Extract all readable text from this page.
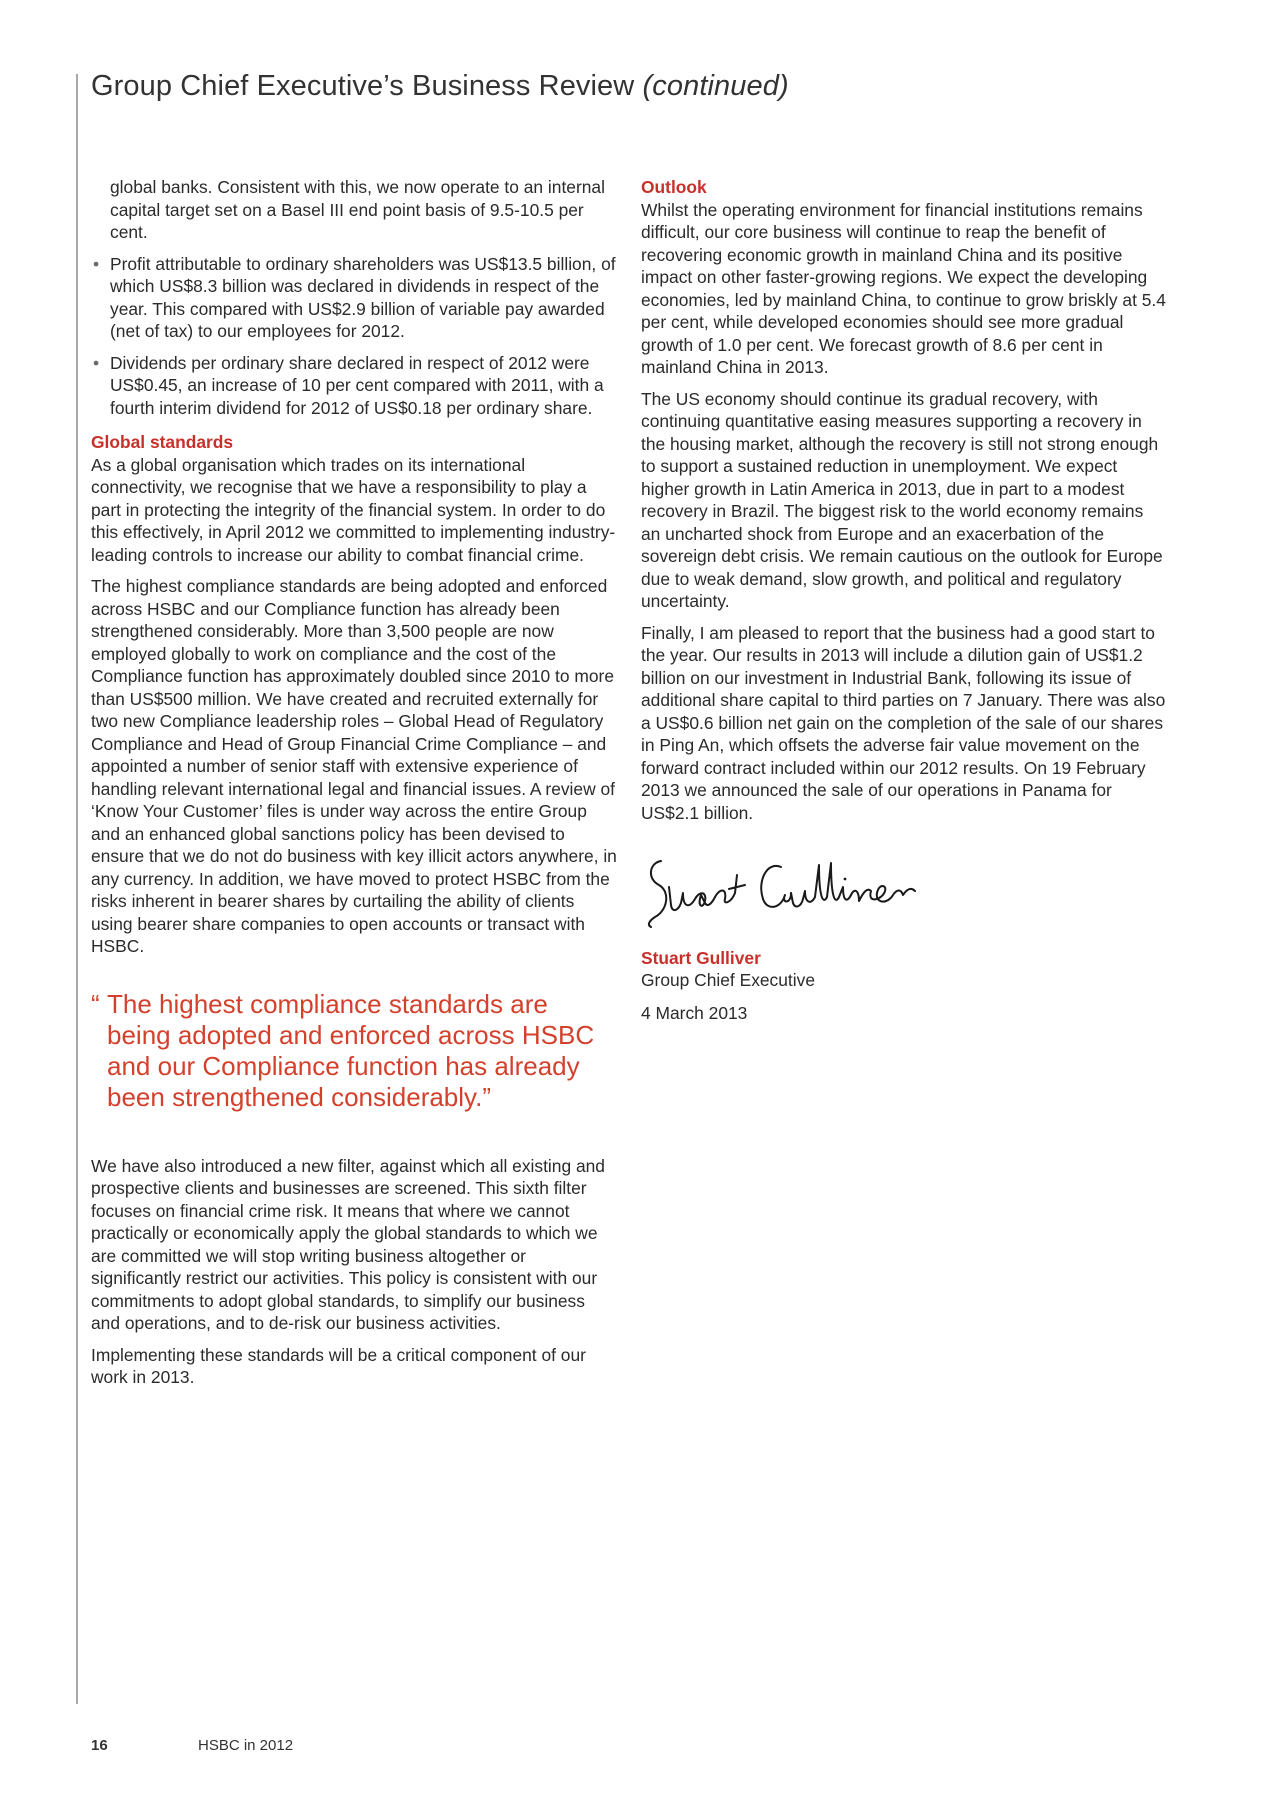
Group Chief Executive’s Business Review (continued)

global banks. Consistent with this, we now operate to an internal capital target set on a Basel III end point basis of 9.5-10.5 per cent.

• Profit attributable to ordinary shareholders was US$13.5 billion, of which US$8.3 billion was declared in dividends in respect of the year. This compared with US$2.9 billion of variable pay awarded (net of tax) to our employees for 2012.
• Dividends per ordinary share declared in respect of 2012 were US$0.45, an increase of 10 per cent compared with 2011, with a fourth interim dividend for 2012 of US$0.18 per ordinary share.
Global standards

As a global organisation which trades on its international connectivity, we recognise that we have a responsibility to play a part in protecting the integrity of the financial system. In order to do this effectively, in April 2012 we committed to implementing industry-leading controls to increase our ability to combat financial crime.

The highest compliance standards are being adopted and enforced across HSBC and our Compliance function has already been strengthened considerably. More than 3,500 people are now employed globally to work on compliance and the cost of the Compliance function has approximately doubled since 2010 to more than US$500 million. We have created and recruited externally for two new Compliance leadership roles – Global Head of Regulatory Compliance and Head of Group Financial Crime Compliance – and appointed a number of senior staff with extensive experience of handling relevant international legal and financial issues. A review of ‘Know Your Customer’ files is under way across the entire Group and an enhanced global sanctions policy has been devised to ensure that we do not do business with key illicit actors anywhere, in any currency. In addition, we have moved to protect HSBC from the risks inherent in bearer shares by curtailing the ability of clients using bearer share companies to open accounts or transact with HSBC.

“ The highest compliance standards are being adopted and enforced across HSBC and our Compliance function has already been strengthened considerably.”

We have also introduced a new filter, against which all existing and prospective clients and businesses are screened. This sixth filter focuses on financial crime risk. It means that where we cannot practically or economically apply the global standards to which we are committed we will stop writing business altogether or significantly restrict our activities. This policy is consistent with our commitments to adopt global standards, to simplify our business and operations, and to de-risk our business activities.

Implementing these standards will be a critical component of our work in 2013.

Outlook

Whilst the operating environment for financial institutions remains difficult, our core business will continue to reap the benefit of recovering economic growth in mainland China and its positive impact on other faster-growing regions. We expect the developing economies, led by mainland China, to continue to grow briskly at 5.4 per cent, while developed economies should see more gradual growth of 1.0 per cent. We forecast growth of 8.6 per cent in mainland China in 2013.

The US economy should continue its gradual recovery, with continuing quantitative easing measures supporting a recovery in the housing market, although the recovery is still not strong enough to support a sustained reduction in unemployment. We expect higher growth in Latin America in 2013, due in part to a modest recovery in Brazil. The biggest risk to the world economy remains an uncharted shock from Europe and an exacerbation of the sovereign debt crisis. We remain cautious on the outlook for Europe due to weak demand, slow growth, and political and regulatory uncertainty.

Finally, I am pleased to report that the business had a good start to the year. Our results in 2013 will include a dilution gain of US$1.2 billion on our investment in Industrial Bank, following its issue of additional share capital to third parties on 7 January. There was also a US$0.6 billion net gain on the completion of the sale of our shares in Ping An, which offsets the adverse fair value movement on the forward contract included within our 2012 results. On 19 February 2013 we announced the sale of our operations in Panama for US$2.1 billion.

Stuart Gulliver

Group Chief Executive

4 March 2013

16	HSBC in 2012
